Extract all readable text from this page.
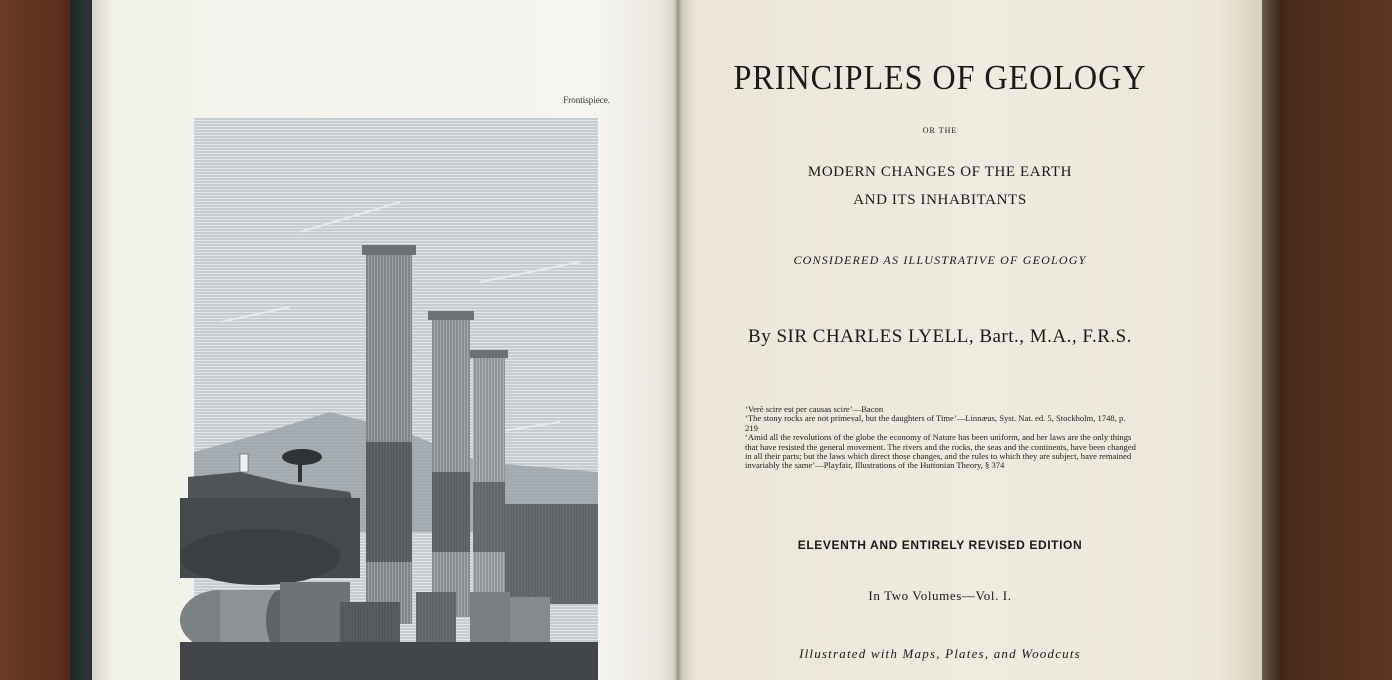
Frontispiece.
PRINCIPLES OF GEOLOGY
OR THE
MODERN CHANGES OF THE EARTH
AND ITS INHABITANTS
CONSIDERED AS ILLUSTRATIVE OF GEOLOGY
By SIR CHARLES LYELL, Bart., M.A., F.R.S.

‘Verè scire est per causas scire’—Bacon

‘The stony rocks are not primeval, but the daughters of Time’—Linnæus, Syst. Nat. ed. 5, Stockholm, 1748, p. 219

‘Amid all the revolutions of the globe the economy of Nature has been uniform, and her laws are the only things that have resisted the general movement. The rivers and the rocks, the seas and the continents, have been changed in all their parts; but the laws which direct those changes, and the rules to which they are subject, have remained invariably the same’—Playfair, Illustrations of the Huttonian Theory, § 374

ELEVENTH AND ENTIRELY REVISED EDITION
In Two Volumes—Vol. I.
Illustrated with Maps, Plates, and Woodcuts
